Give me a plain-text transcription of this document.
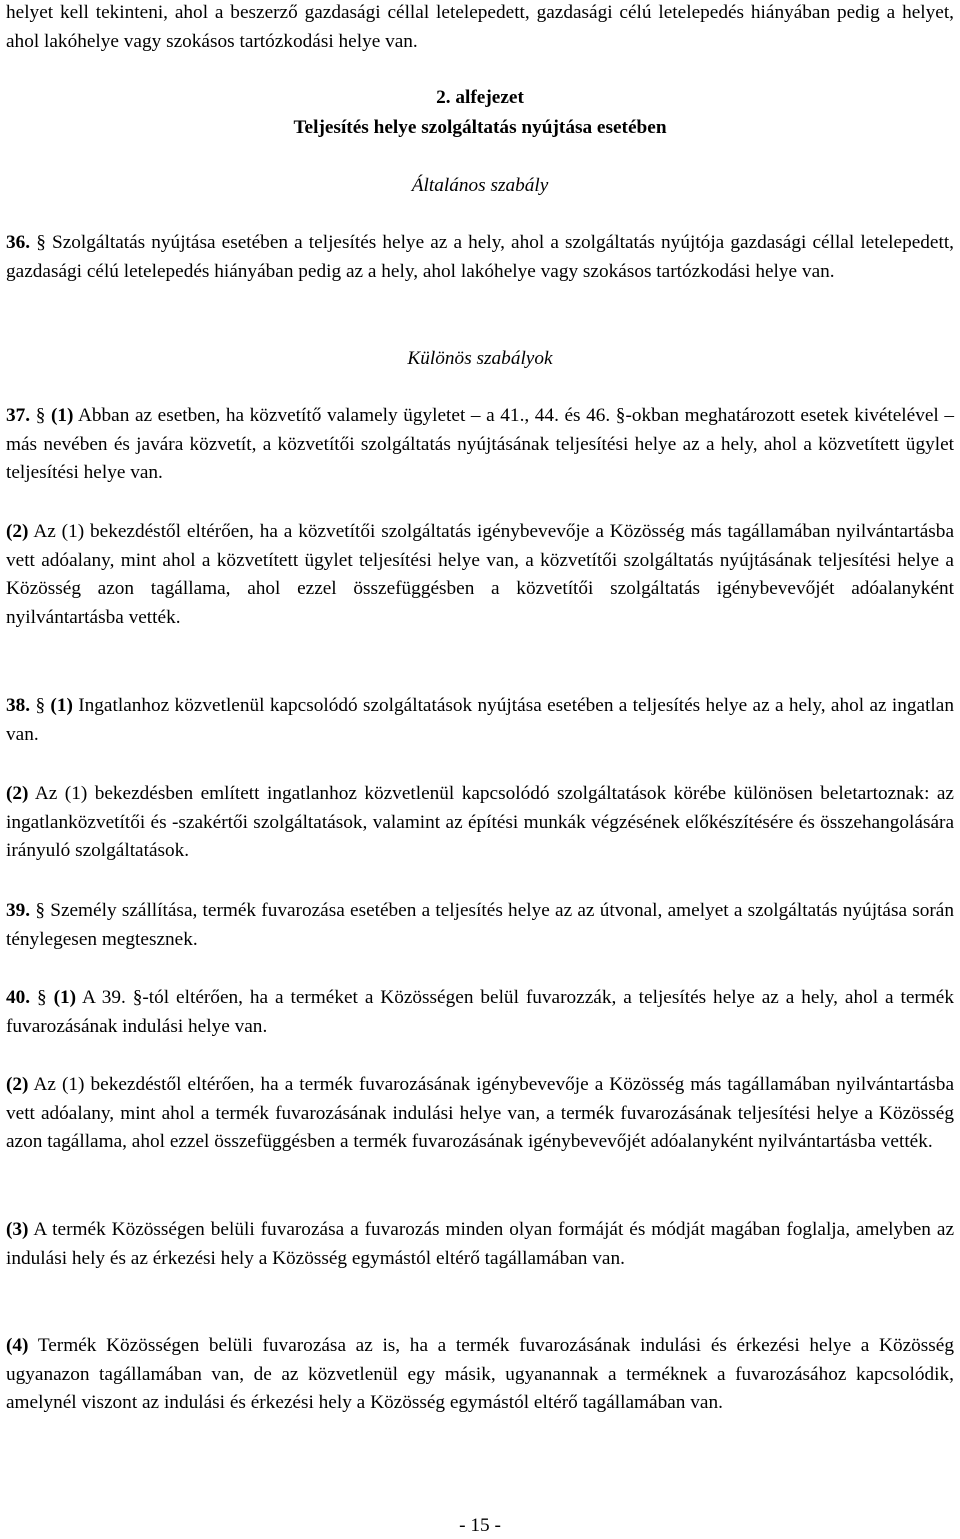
helyet kell tekinteni, ahol a beszerző gazdasági céllal letelepedett, gazdasági célú letelepedés hiányában pedig a helyet, ahol lakóhelye vagy szokásos tartózkodási helye van.

2. alfejezet
Teljesítés helye szolgáltatás nyújtása esetében
Általános szabály

36. § Szolgáltatás nyújtása esetében a teljesítés helye az a hely, ahol a szolgáltatás nyújtója gazdasági céllal letelepedett, gazdasági célú letelepedés hiányában pedig az a hely, ahol lakóhelye vagy szokásos tartózkodási helye van.

Különös szabályok

37. § (1) Abban az esetben, ha közvetítő valamely ügyletet – a 41., 44. és 46. §-okban meghatározott esetek kivételével – más nevében és javára közvetít, a közvetítői szolgáltatás nyújtásának teljesítési helye az a hely, ahol a közvetített ügylet teljesítési helye van.

(2) Az (1) bekezdéstől eltérően, ha a közvetítői szolgáltatás igénybevevője a Közösség más tagállamában nyilvántartásba vett adóalany, mint ahol a közvetített ügylet teljesítési helye van, a közvetítői szolgáltatás nyújtásának teljesítési helye a Közösség azon tagállama, ahol ezzel összefüggésben a közvetítői szolgáltatás igénybevevőjét adóalanyként nyilvántartásba vették.

38. § (1) Ingatlanhoz közvetlenül kapcsolódó szolgáltatások nyújtása esetében a teljesítés helye az a hely, ahol az ingatlan van.

(2) Az (1) bekezdésben említett ingatlanhoz közvetlenül kapcsolódó szolgáltatások körébe különösen beletartoznak: az ingatlanközvetítői és -szakértői szolgáltatások, valamint az építési munkák végzésének előkészítésére és összehangolására irányuló szolgáltatások.

39. § Személy szállítása, termék fuvarozása esetében a teljesítés helye az az útvonal, amelyet a szolgáltatás nyújtása során ténylegesen megtesznek.

40. § (1) A 39. §-tól eltérően, ha a terméket a Közösségen belül fuvarozzák, a teljesítés helye az a hely, ahol a termék fuvarozásának indulási helye van.

(2) Az (1) bekezdéstől eltérően, ha a termék fuvarozásának igénybevevője a Közösség más tagállamában nyilvántartásba vett adóalany, mint ahol a termék fuvarozásának indulási helye van, a termék fuvarozásának teljesítési helye a Közösség azon tagállama, ahol ezzel összefüggésben a termék fuvarozásának igénybevevőjét adóalanyként nyilvántartásba vették.

(3) A termék Közösségen belüli fuvarozása a fuvarozás minden olyan formáját és módját magában foglalja, amelyben az indulási hely és az érkezési hely a Közösség egymástól eltérő tagállamában van.

(4) Termék Közösségen belüli fuvarozása az is, ha a termék fuvarozásának indulási és érkezési helye a Közösség ugyanazon tagállamában van, de az közvetlenül egy másik, ugyanannak a terméknek a fuvarozásához kapcsolódik, amelynél viszont az indulási és érkezési hely a Közösség egymástól eltérő tagállamában van.

- 15 -
